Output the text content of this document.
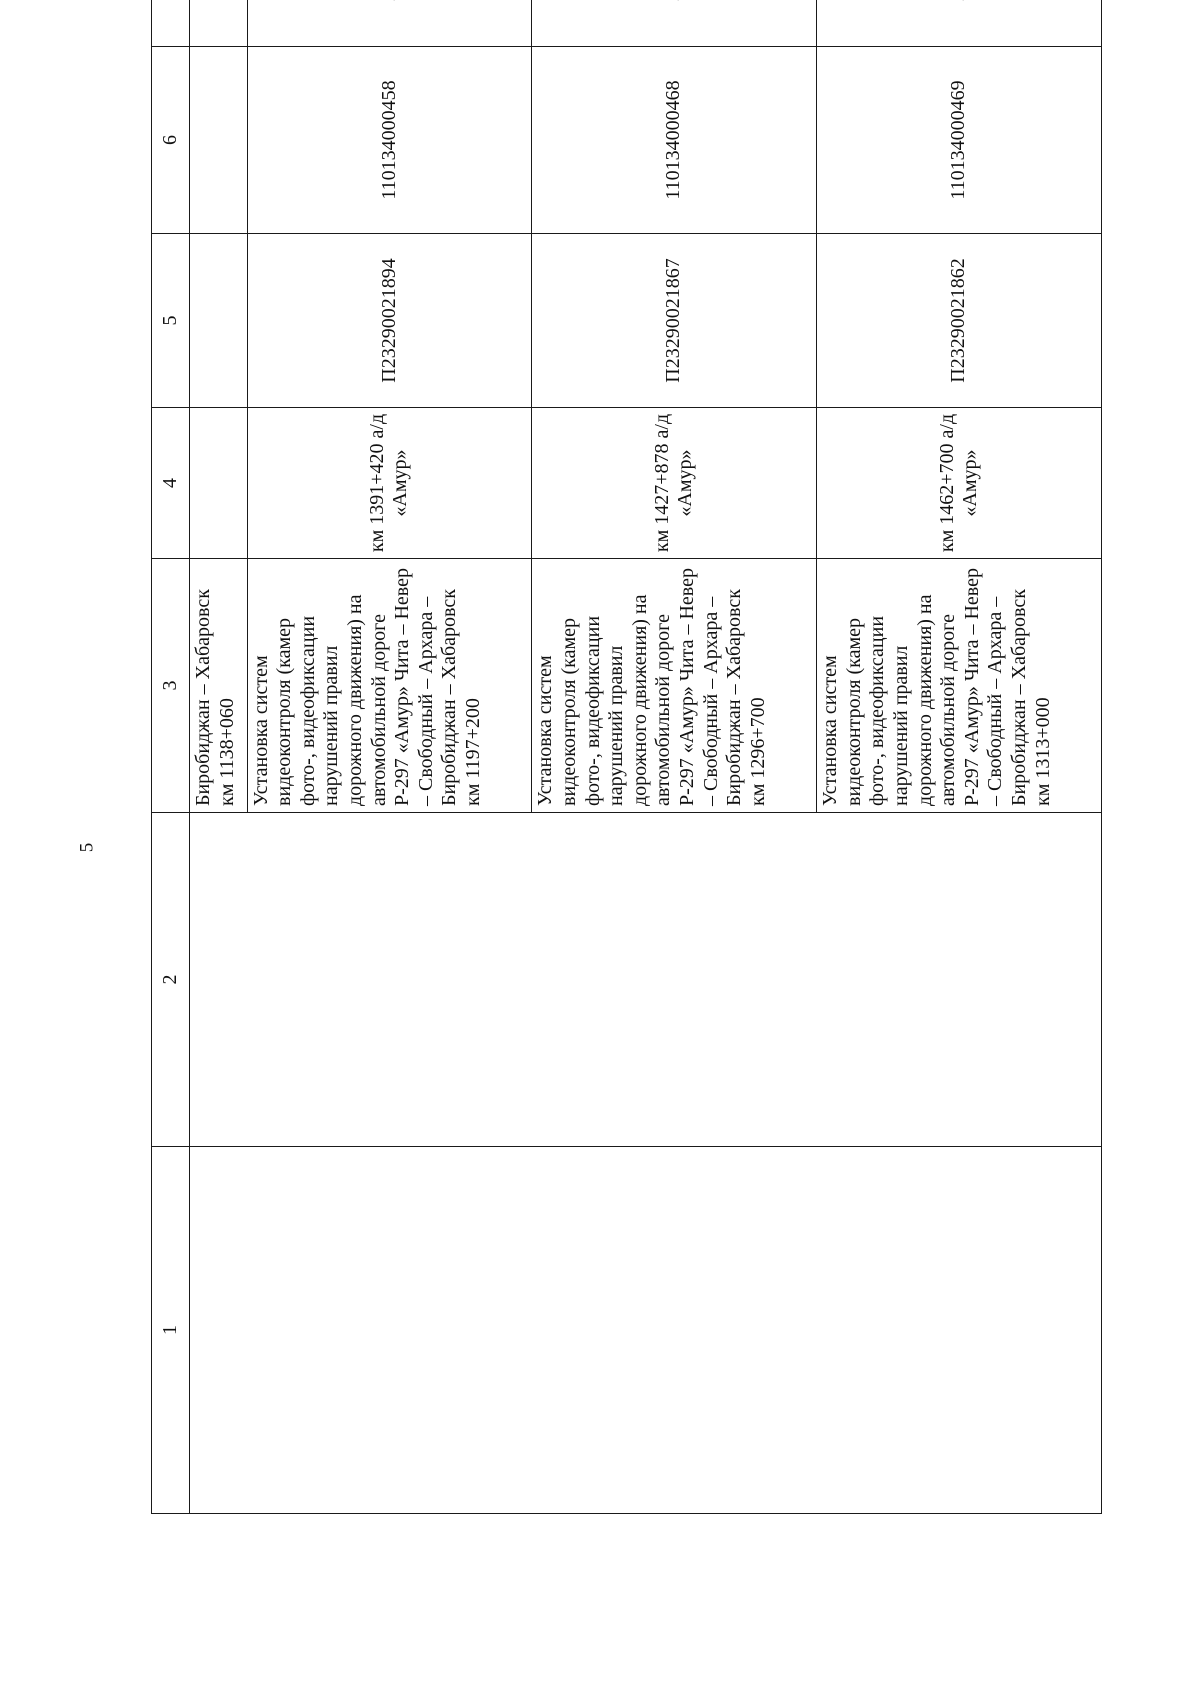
5
1	2	3	4	5	6	

		Биробиджан – Хабаровск км 1138+060				

		Установка систем видеоконтроля (камер фото-, видеофиксации нарушений правил дорожного движения) на автомобильной дороге Р-297 «Амур» Чита – Невер – Свободный – Архара – Биробиджан – Хабаровск км 1197+200	км 1391+420 а/д «Амур»	П23290021894	110134000458

		Установка систем видеоконтроля (камер фото-, видеофиксации нарушений правил дорожного движения) на автомобильной дороге Р-297 «Амур» Чита – Невер – Свободный – Архара – Биробиджан – Хабаровск км 1296+700	км 1427+878 а/д «Амур»	П23290021867	110134000468

		Установка систем видеоконтроля (камер фото-, видеофиксации нарушений правил дорожного движения) на автомобильной дороге Р-297 «Амур» Чита – Невер – Свободный – Архара – Биробиджан – Хабаровск км 1313+000	км 1462+700 а/д «Амур»	П23290021862	110134000469
